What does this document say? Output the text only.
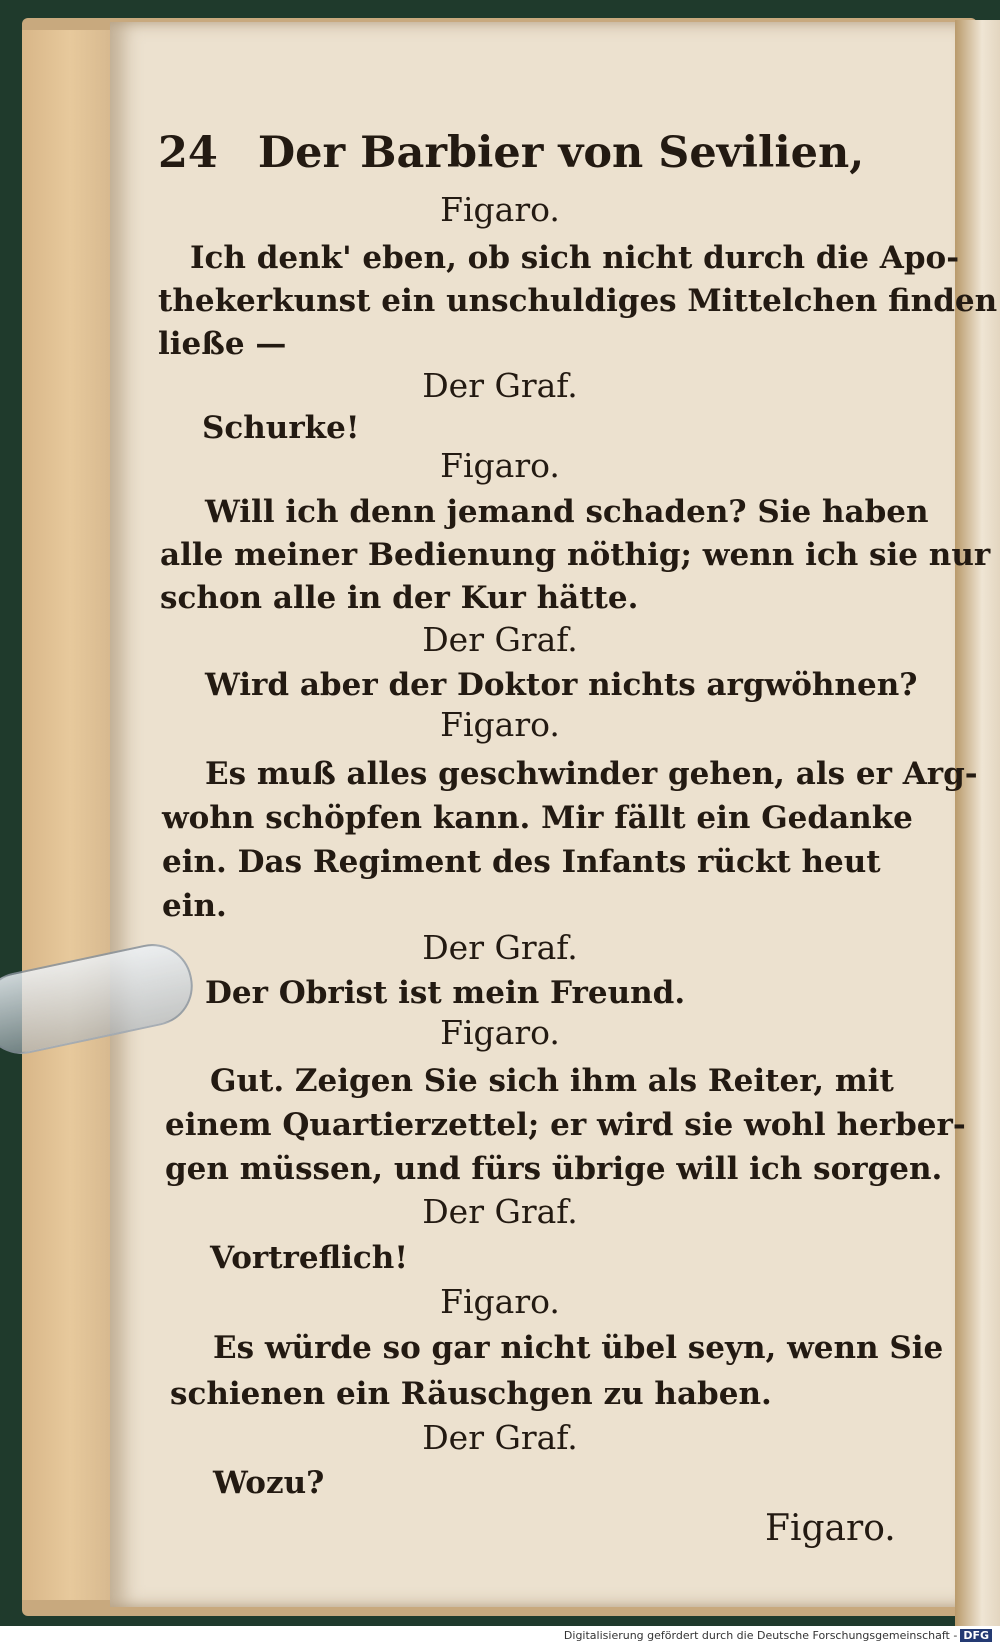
24 Der Barbier von Sevilien,
Figaro.
Ich denk' eben, ob sich nicht durch die Apo-
thekerkunst ein unschuldiges Mittelchen finden
ließe —
Der Graf.
Schurke!
Figaro.
Will ich denn jemand schaden? Sie haben
alle meiner Bedienung nöthig; wenn ich sie nur
schon alle in der Kur hätte.
Der Graf.
Wird aber der Doktor nichts argwöhnen?
Figaro.
Es muß alles geschwinder gehen, als er Arg-
wohn schöpfen kann. Mir fällt ein Gedanke
ein. Das Regiment des Infants rückt heut
ein.
Der Graf.
Der Obrist ist mein Freund.
Figaro.
Gut. Zeigen Sie sich ihm als Reiter, mit
einem Quartierzettel; er wird sie wohl herber-
gen müssen, und fürs übrige will ich sorgen.
Der Graf.
Vortreflich!
Figaro.
Es würde so gar nicht übel seyn, wenn Sie
schienen ein Räuschgen zu haben.
Der Graf.
Wozu?
Figaro.
Digitalisierung gefördert durch die Deutsche Forschungsgemeinschaft - DFG
